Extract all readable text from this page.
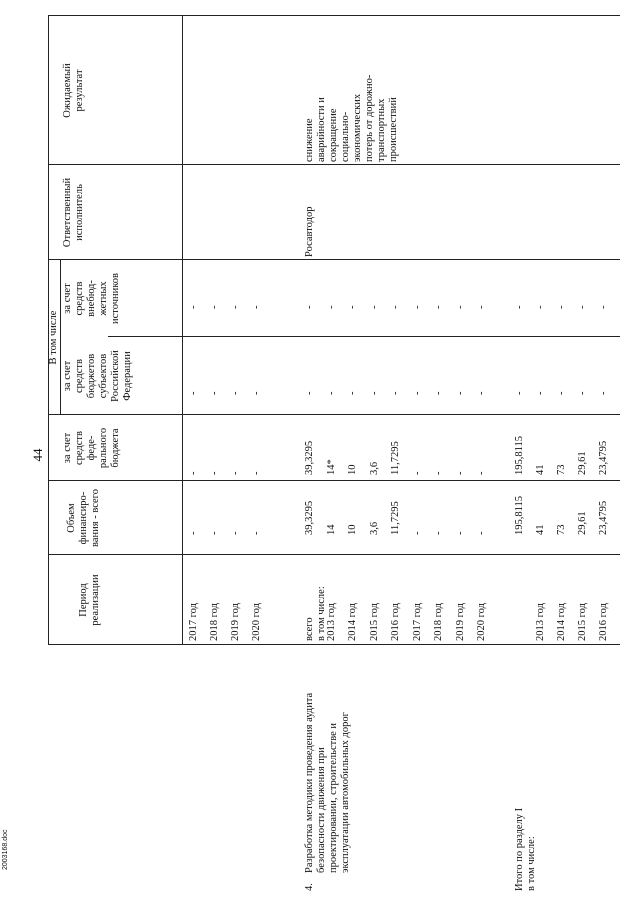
2003168.doc
44
Период
реализации
Объем
финансиро-
вания - всего
В том числе
за счет
средств
феде-
рального
бюджета
за счет
средств
бюджетов
субъектов
Российской
Федерации
за счет
средств
внебюд-
жетных
источников
Ответственный
исполнитель
Ожидаемый
результат
2017 год
-
-
-
-
2018 год
-
-
-
-
2019 год
-
-
-
-
2020 год
-
-
-
-
4.
Разработка методики проведения аудита
безопасности движения при
проектировании, строительстве и
эксплуатации автомобильных дорог
Росавтодор
снижение
аварийности и
сокращение
социально-
экономических
потерь от дорожно-
транспортных
происшествий
всего
в том числе:
39,3295
39,3295
-
-
2013 год
14
14*
-
-
2014 год
10
10
-
-
2015 год
3,6
3,6
-
-
2016 год
11,7295
11,7295
-
-
2017 год
-
-
-
-
2018 год
-
-
-
-
2019 год
-
-
-
-
2020 год
-
-
-
-
Итого по разделу I
в том числе:
195,8115
195,8115
-
-
2013 год
41
41
-
-
2014 год
73
73
-
-
2015 год
29,61
29,61
-
-
2016 год
23,4795
23,4795
-
-
